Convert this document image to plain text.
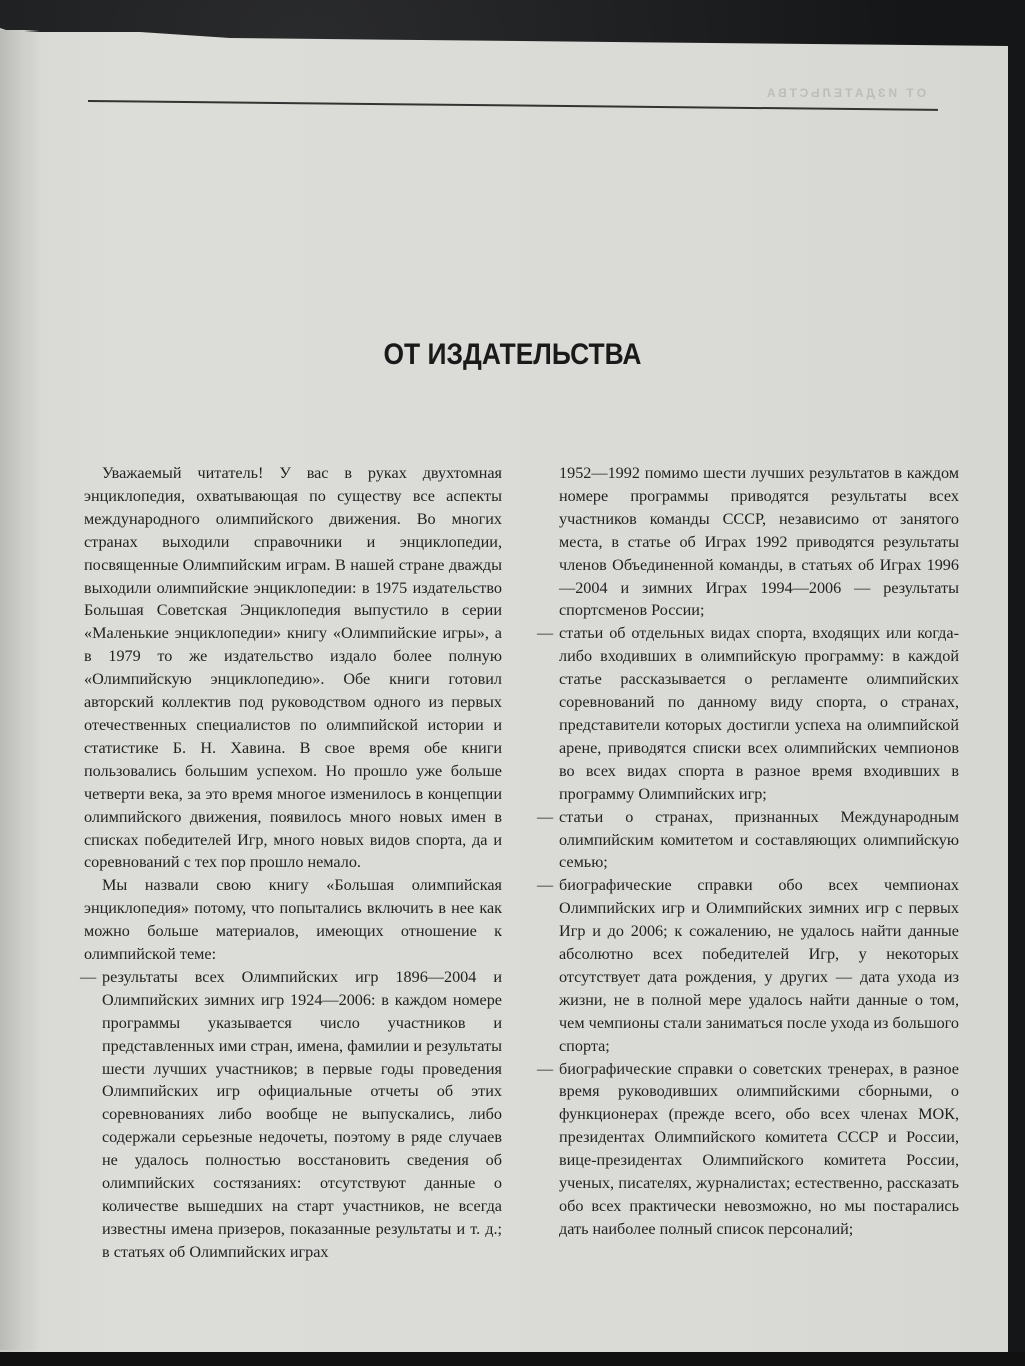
ОТ ИЗДАТЕЛЬСТВА
ОТ ИЗДАТЕЛЬСТВА

Уважаемый читатель! У вас в руках двухтомная энциклопедия, охватывающая по существу все аспекты международного олимпийского движения. Во многих странах выходили справочники и энциклопедии, посвященные Олимпийским играм. В нашей стране дважды выходили олимпийские энциклопедии: в 1975 издательство Большая Советская Энциклопедия выпустило в серии «Маленькие энциклопедии» книгу «Олимпийские игры», а в 1979 то же издательство издало более полную «Олимпийскую энциклопедию». Обе книги готовил авторский коллектив под руководством одного из первых отечественных специалистов по олимпийской истории и статистике Б. Н. Хавина. В свое время обе книги пользовались большим успехом. Но прошло уже больше четверти века, за это время многое изменилось в концепции олимпийского движения, появилось много новых имен в списках победителей Игр, много новых видов спорта, да и соревнований с тех пор прошло немало.

Мы назвали свою книгу «Большая олимпийская энциклопедия» потому, что попытались включить в нее как можно больше материалов, имеющих отношение к олимпийской теме:

— результаты всех Олимпийских игр 1896—2004 и Олимпийских зимних игр 1924—2006: в каждом номере программы указывается число участников и представленных ими стран, имена, фамилии и результаты шести лучших участников; в первые годы проведения Олимпийских игр официальные отчеты об этих соревнованиях либо вообще не выпускались, либо содержали серьезные недочеты, поэтому в ряде случаев не удалось полностью восстановить сведения об олимпийских состязаниях: отсутствуют данные о количестве вышедших на старт участников, не всегда известны имена призеров, показанные результаты и т. д.; в статьях об Олимпийских играх
1952—1992 помимо шести лучших результатов в каждом номере программы приводятся результаты всех участников команды СССР, независимо от занятого места, в статье об Играх 1992 приводятся результаты членов Объединенной команды, в статьях об Играх 1996—2004 и зимних Играх 1994—2006 — результаты спортсменов России;
— статьи об отдельных видах спорта, входящих или когда-либо входивших в олимпийскую программу: в каждой статье рассказывается о регламенте олимпийских соревнований по данному виду спорта, о странах, представители которых достигли успеха на олимпийской арене, приводятся списки всех олимпийских чемпионов во всех видах спорта в разное время входивших в программу Олимпийских игр;
— статьи о странах, признанных Международным олимпийским комитетом и составляющих олимпийскую семью;
— биографические справки обо всех чемпионах Олимпийских игр и Олимпийских зимних игр с первых Игр и до 2006; к сожалению, не удалось найти данные абсолютно всех победителей Игр, у некоторых отсутствует дата рождения, у других — дата ухода из жизни, не в полной мере удалось найти данные о том, чем чемпионы стали заниматься после ухода из большого спорта;
— биографические справки о советских тренерах, в разное время руководивших олимпийскими сборными, о функционерах (прежде всего, обо всех членах МОК, президентах Олимпийского комитета СССР и России, вице-президентах Олимпийского комитета России, ученых, писателях, журналистах; естественно, рассказать обо всех практически невозможно, но мы постарались дать наиболее полный список персоналий;
